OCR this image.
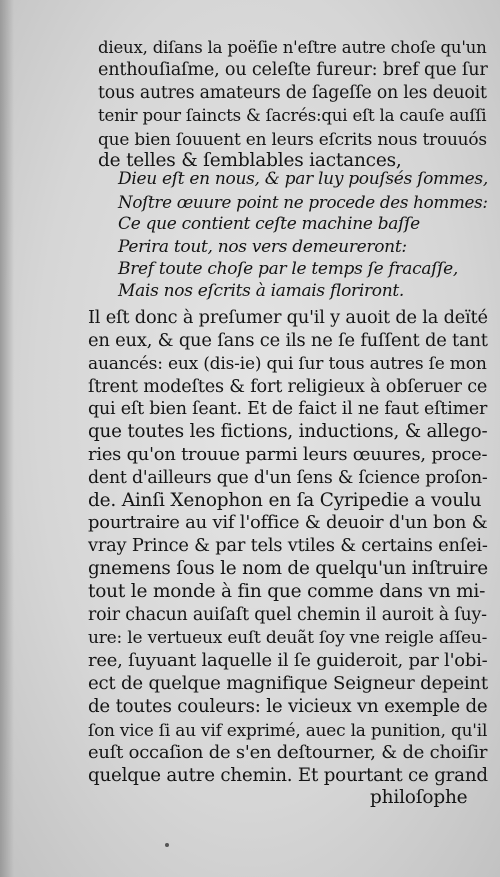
dieux, diſans la poëſie n'eſtre autre choſe qu'un
enthouſiaſme, ou celeſte fureur: bref que ſur
tous autres amateurs de ſageſſe on les deuoit
tenir pour ſaincts & ſacrés:qui eſt la cauſe auſſi
que bien ſouuent en leurs eſcrits nous trouuós
de telles & ſemblables iactances,
Dieu eſt en nous, & par luy pouſsés ſommes,
Noſtre œuure point ne procede des hommes:
Ce que contient ceſte machine baſſe
Perira tout, nos vers demeureront:
Bref toute choſe par le temps ſe fracaſſe,
Mais nos eſcrits à iamais floriront.
Il eſt donc à preſumer qu'il y auoit de la deïté
en eux, & que ſans ce ils ne ſe fuſſent de tant
auancés: eux (dis-ie) qui ſur tous autres ſe mon
ſtrent modeſtes & fort religieux à obſeruer ce
qui eſt bien ſeant. Et de faict il ne faut eſtimer
que toutes les fictions, inductions, & allego-
ries qu'on trouue parmi leurs œuures, proce-
dent d'ailleurs que d'un ſens & ſcience proſon-
de. Ainſi Xenophon en ſa Cyripedie a voulu
pourtraire au vif l'office & deuoir d'un bon &
vray Prince & par tels vtiles & certains enſei-
gnemens ſous le nom de quelqu'un inſtruire
tout le monde à fin que comme dans vn mi-
roir chacun auiſaſt quel chemin il auroit à ſuy-
ure: le vertueux euſt deuãt ſoy vne reigle aſſeu-
ree, ſuyuant laquelle il ſe guideroit, par l'obi-
ect de quelque magnifique Seigneur depeint
de toutes couleurs: le vicieux vn exemple de
ſon vice ſi au vif exprimé, auec la punition, qu'il
euſt occaſion de s'en deſtourner, & de choiſir
quelque autre chemin. Et pourtant ce grand
philoſophe
